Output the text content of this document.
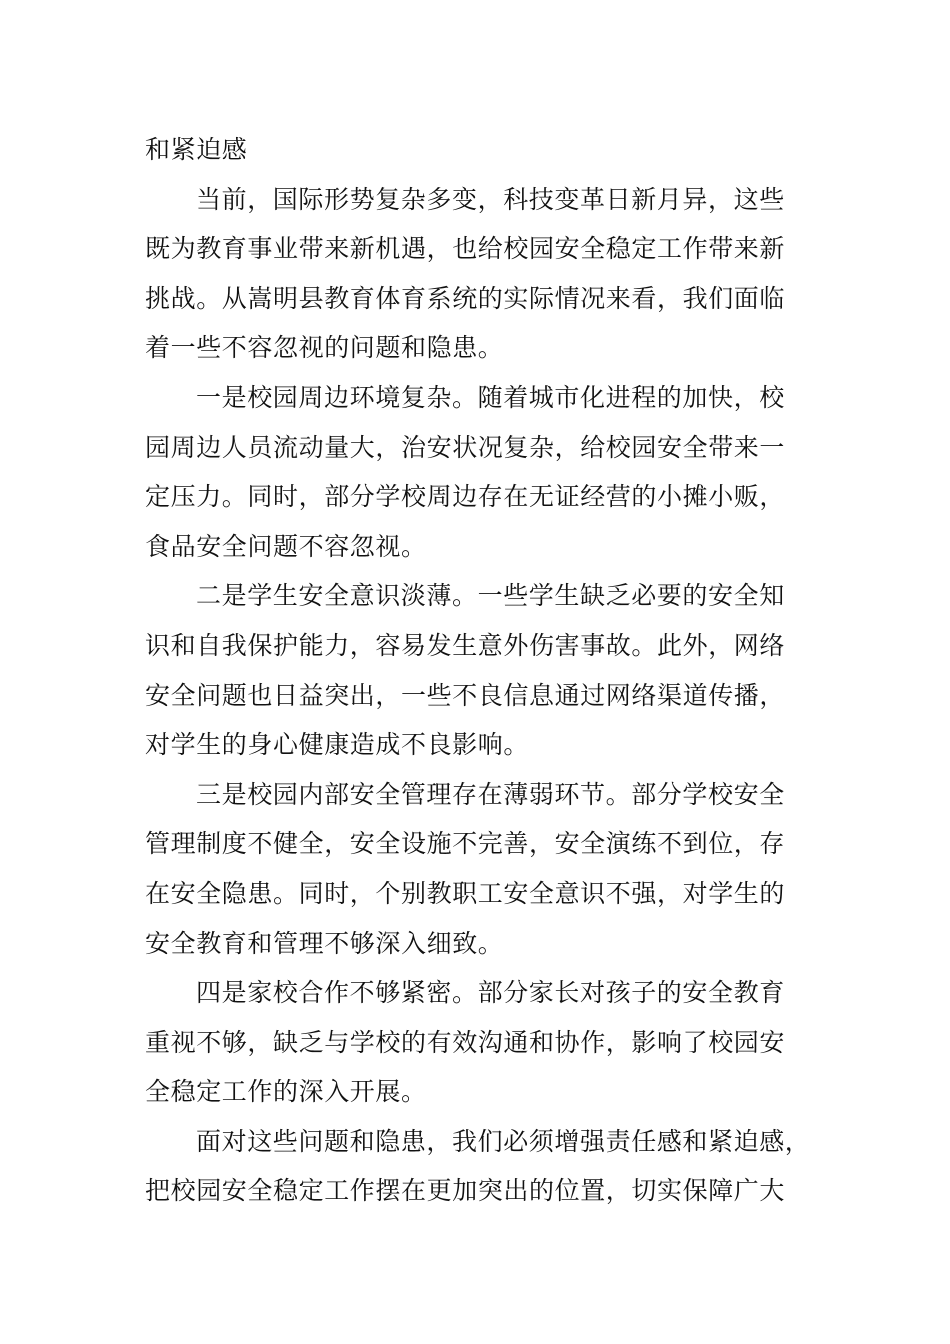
和紧迫感
当前，国际形势复杂多变，科技变革日新月异，这些
既为教育事业带来新机遇，也给校园安全稳定工作带来新
挑战。从嵩明县教育体育系统的实际情况来看，我们面临
着一些不容忽视的问题和隐患。
一是校园周边环境复杂。随着城市化进程的加快，校
园周边人员流动量大，治安状况复杂，给校园安全带来一
定压力。同时，部分学校周边存在无证经营的小摊小贩，
食品安全问题不容忽视。
二是学生安全意识淡薄。一些学生缺乏必要的安全知
识和自我保护能力，容易发生意外伤害事故。此外，网络
安全问题也日益突出，一些不良信息通过网络渠道传播，
对学生的身心健康造成不良影响。
三是校园内部安全管理存在薄弱环节。部分学校安全
管理制度不健全，安全设施不完善，安全演练不到位，存
在安全隐患。同时，个别教职工安全意识不强，对学生的
安全教育和管理不够深入细致。
四是家校合作不够紧密。部分家长对孩子的安全教育
重视不够，缺乏与学校的有效沟通和协作，影响了校园安
全稳定工作的深入开展。
面对这些问题和隐患，我们必须增强责任感和紧迫感，
把校园安全稳定工作摆在更加突出的位置，切实保障广大
